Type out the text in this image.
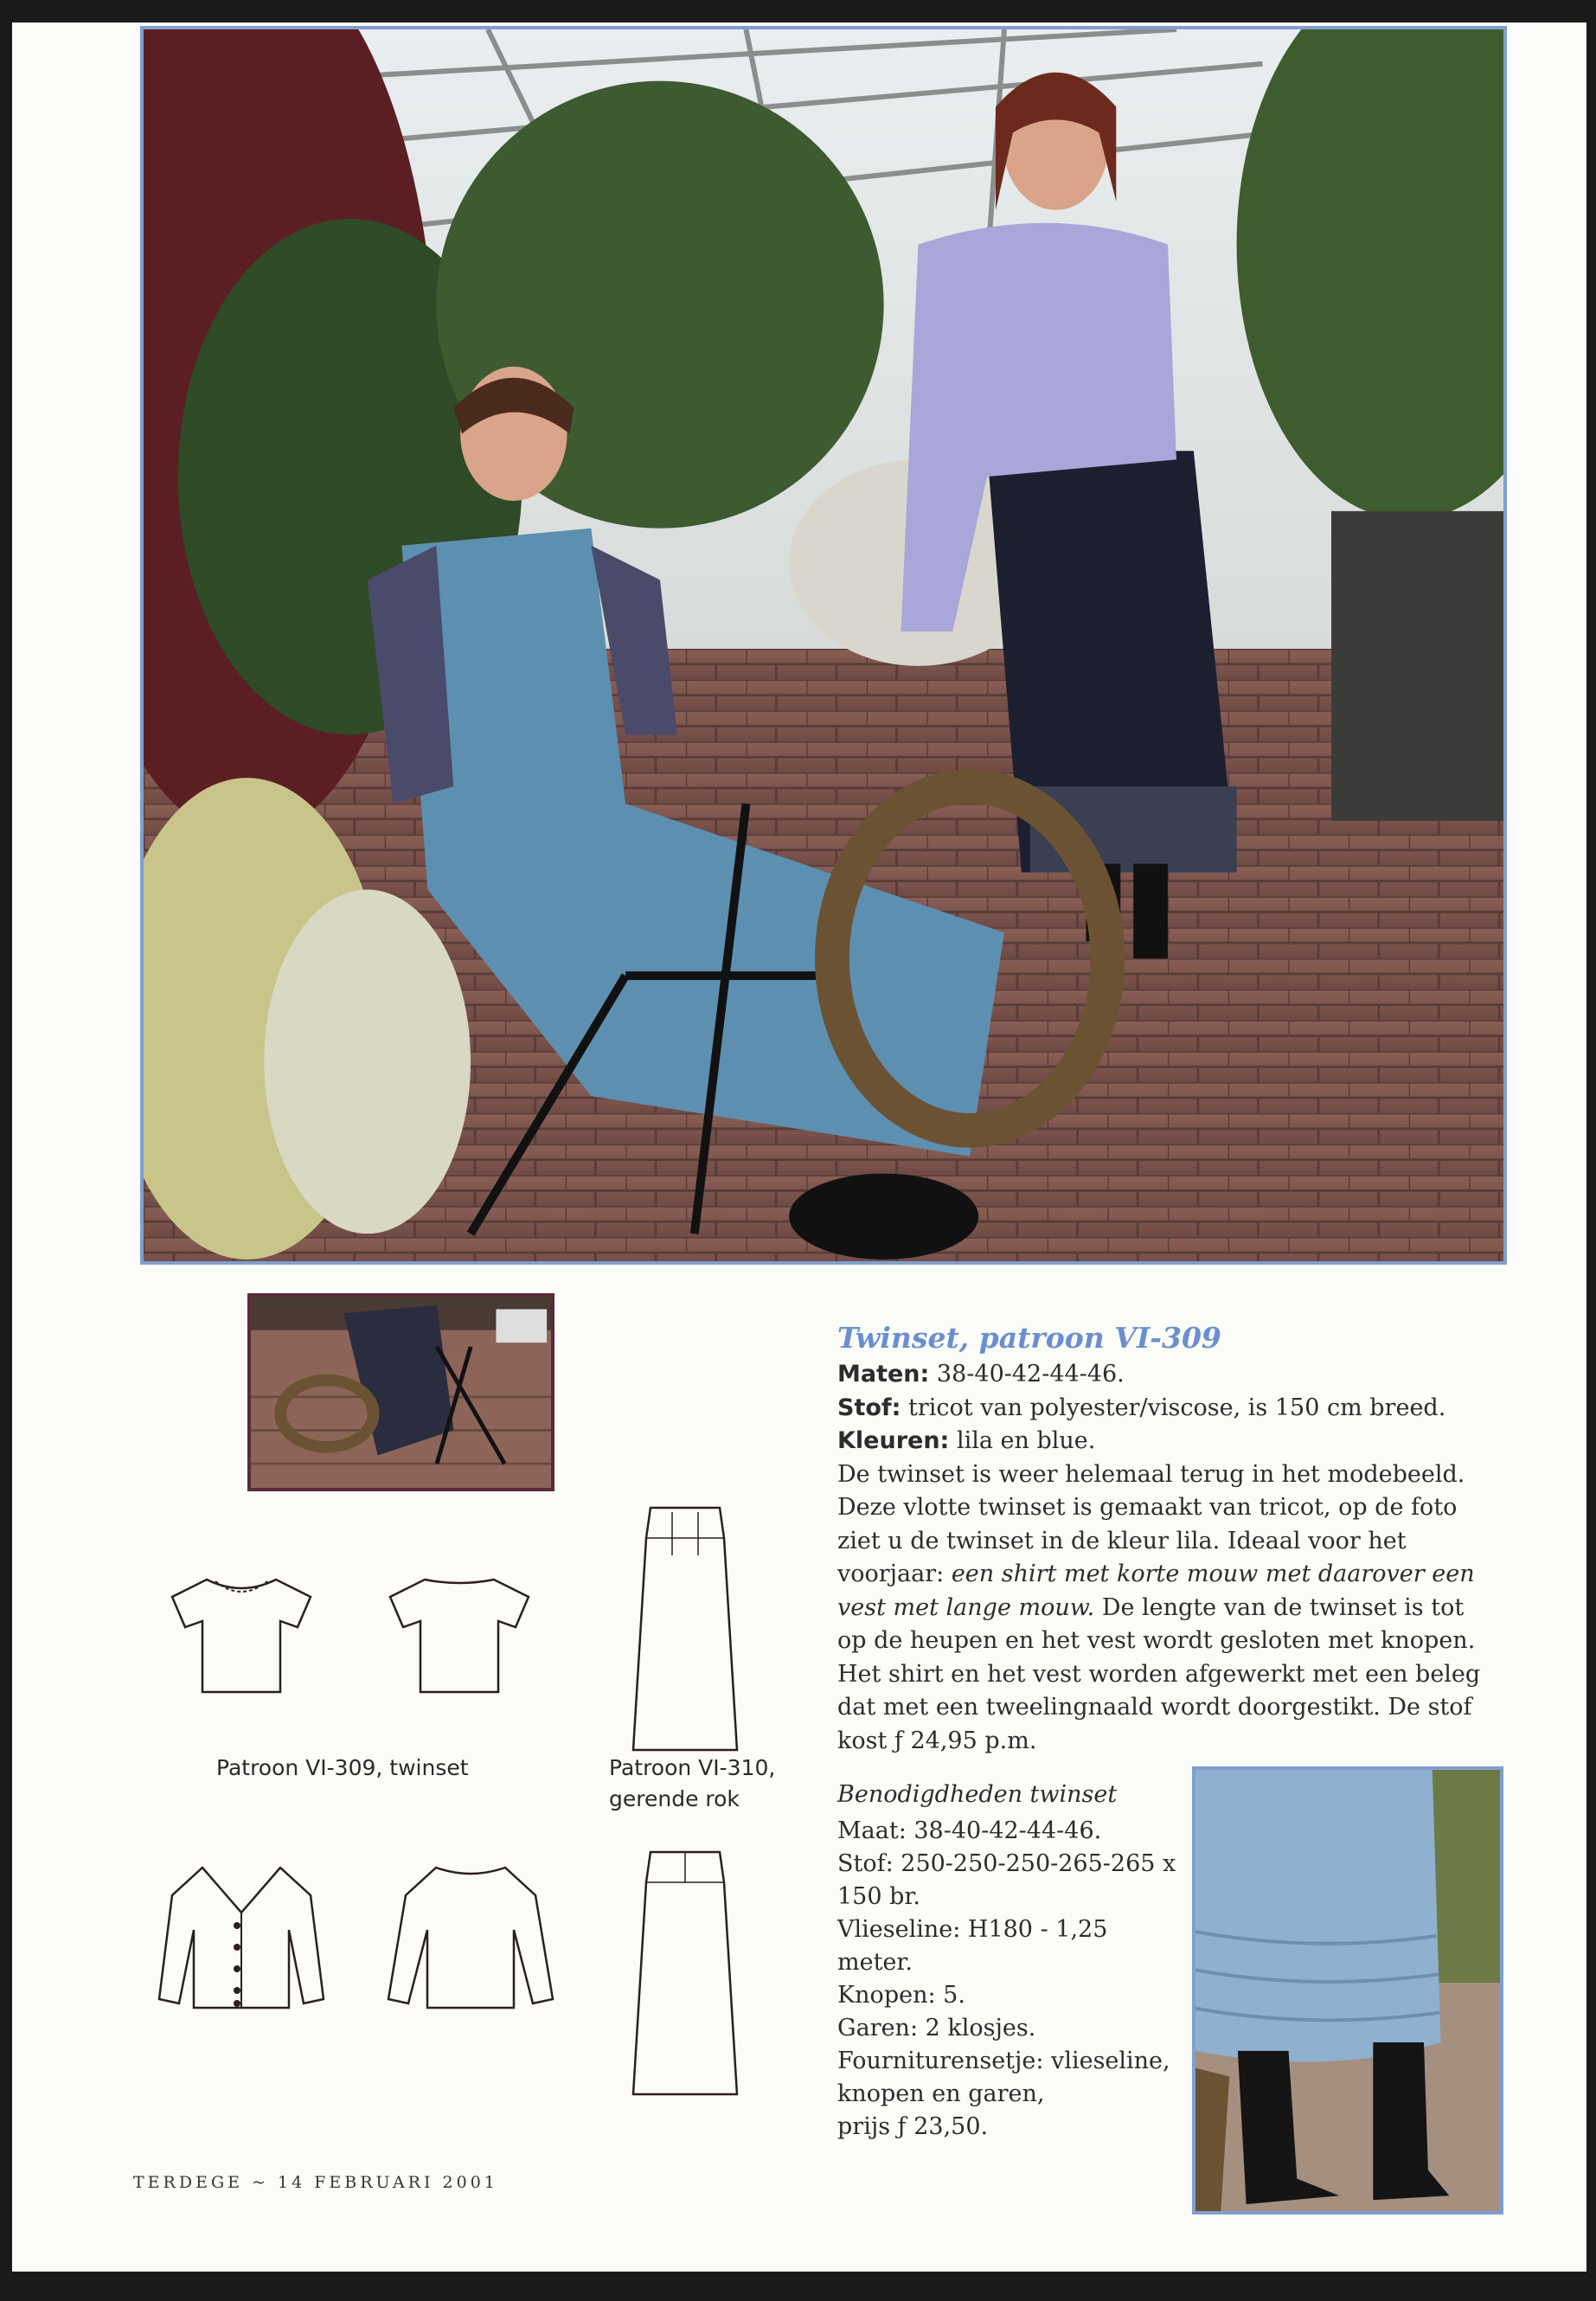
Patroon VI-309, twinset	Patroon VI-310,
gerende rok

Twinset, patroon VI-309

Maten: 38-40-42-44-46.

Stof: tricot van polyester/viscose, is 150 cm breed.

Kleuren: lila en blue.

De twinset is weer helemaal terug in het modebeeld. Deze vlotte twinset is gemaakt van tricot, op de foto ziet u de twinset in de kleur lila. Ideaal voor het voorjaar: een shirt met korte mouw met daarover een vest met lange mouw. De lengte van de twinset is tot op de heupen en het vest wordt gesloten met knopen. Het shirt en het vest worden afgewerkt met een beleg dat met een tweelingnaald wordt doorgestikt. De stof kost ƒ 24,95 p.m.

Benodigdheden twinset

Maat: 38-40-42-44-46.

Stof: 250-250-250-265-265 x 150 br.

Vlieseline: H180 - 1,25 meter.

Knopen: 5.

Garen: 2 klosjes.

Fourniturensetje: vlieseline, knopen en garen,

prijs ƒ 23,50.

TERDEGE ~ 14 FEBRUARI 2001
